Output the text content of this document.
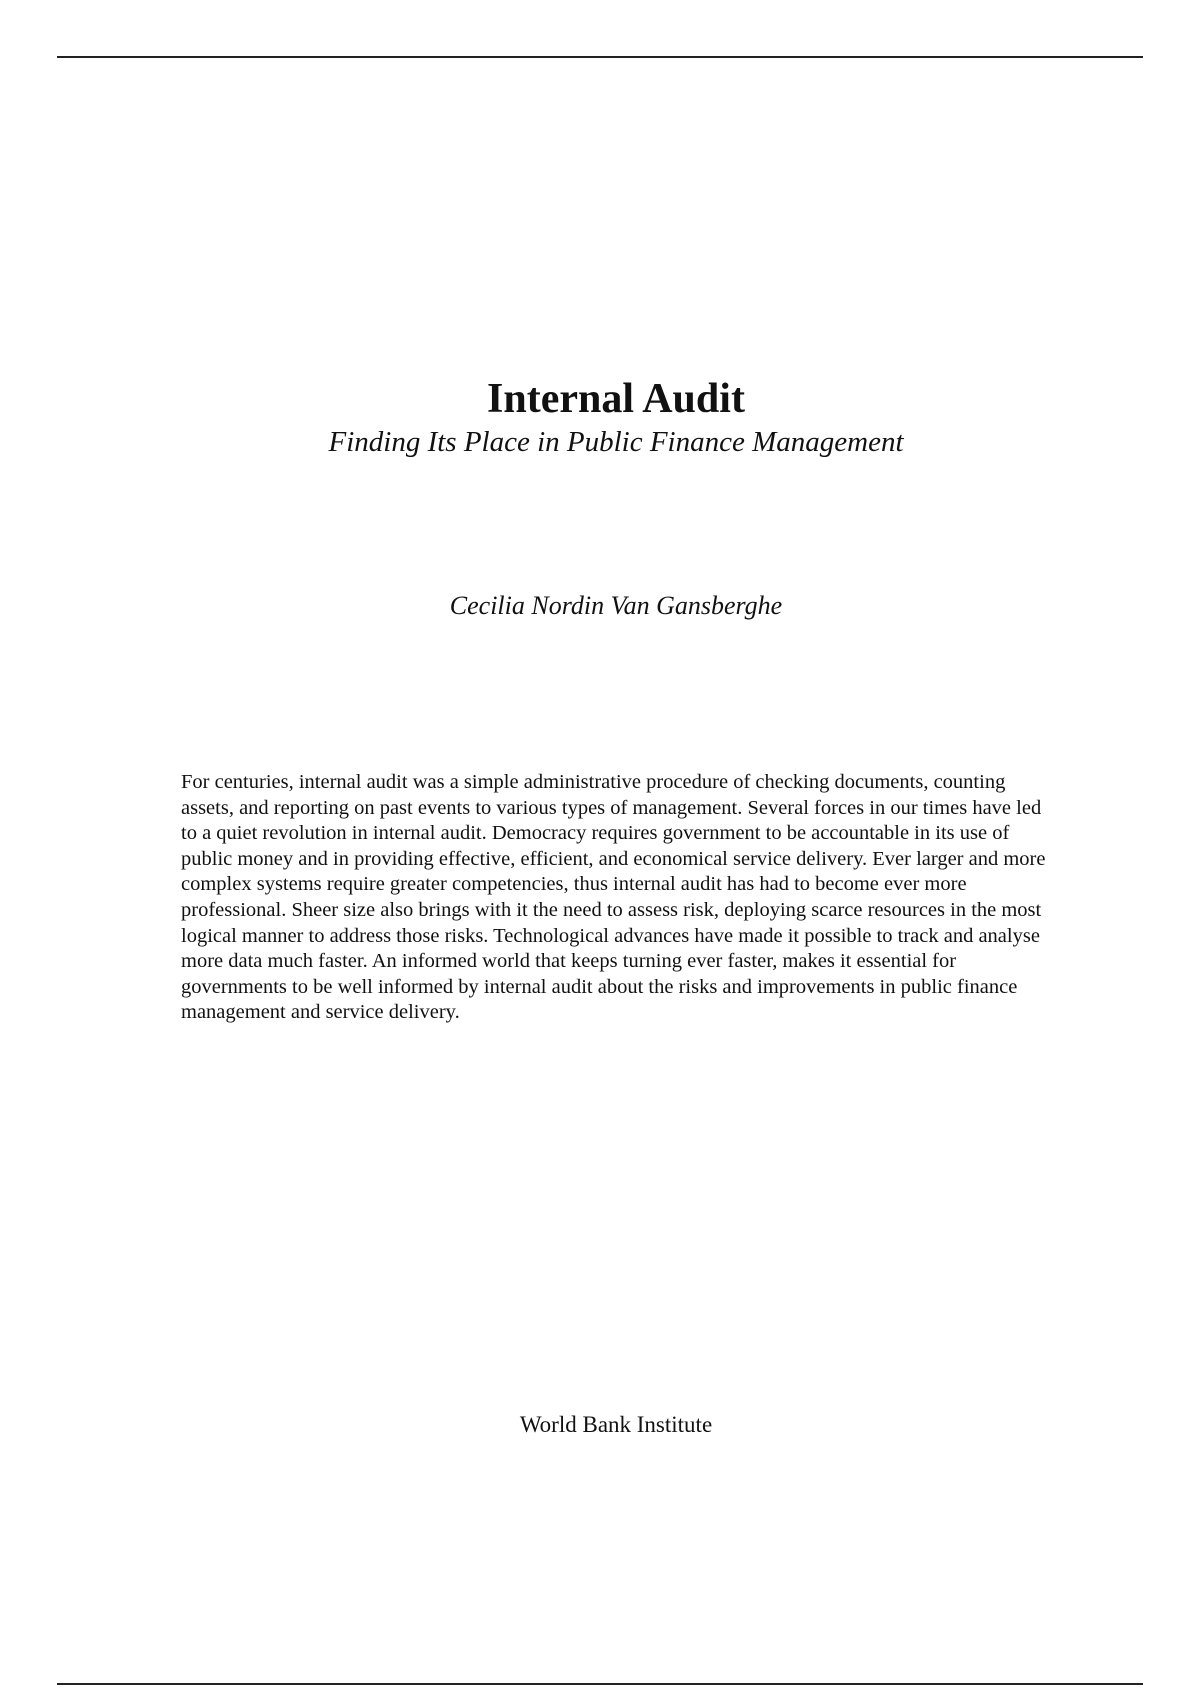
Internal Audit

Finding Its Place in Public Finance Management

Cecilia Nordin Van Gansberghe

For centuries, internal audit was a simple administrative procedure of checking documents, counting assets, and reporting on past events to various types of management. Several forces in our times have led to a quiet revolution in internal audit. Democracy requires government to be accountable in its use of public money and in providing effective, efficient, and economical service delivery. Ever larger and more complex systems require greater competencies, thus internal audit has had to become ever more professional. Sheer size also brings with it the need to assess risk, deploying scarce resources in the most logical manner to address those risks. Technological advances have made it possible to track and analyse more data much faster. An informed world that keeps turning ever faster, makes it essential for governments to be well informed by internal audit about the risks and improvements in public finance management and service delivery.

World Bank Institute
